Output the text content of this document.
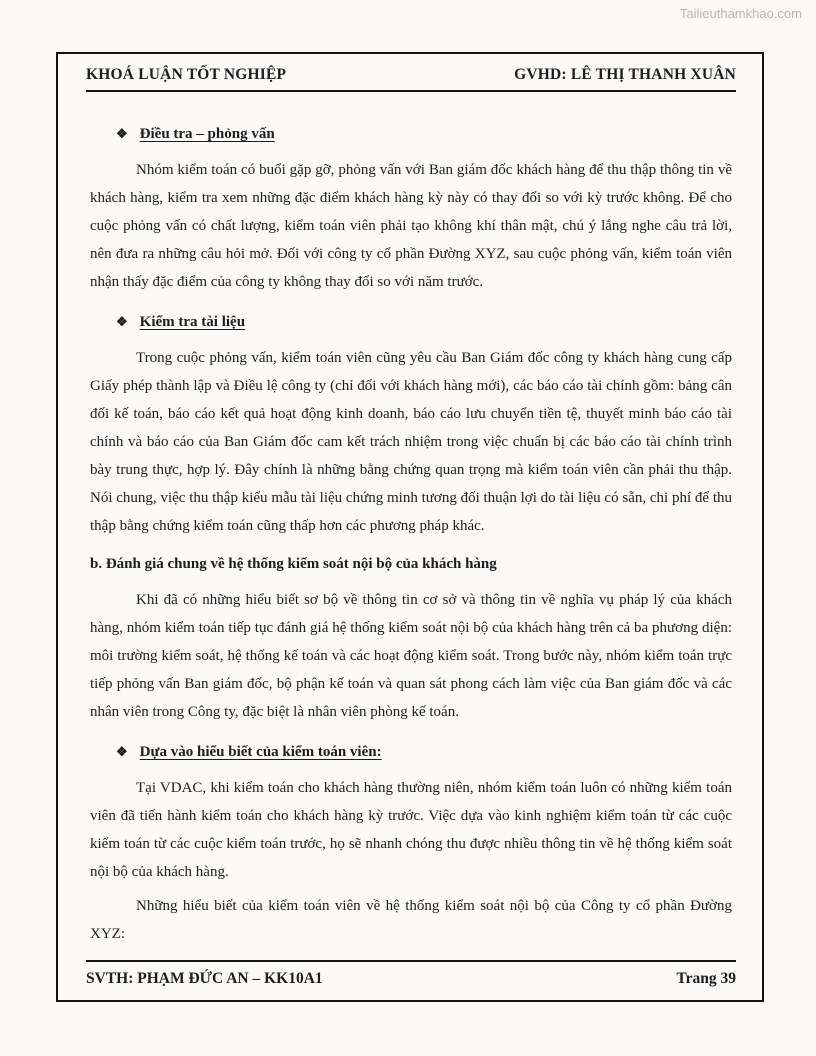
Tailieuthamkhao.com
KHOÁ LUẬN TỐT NGHIỆP	GVHD: LÊ THỊ THANH XUÂN
❖ Điều tra – phỏng vấn

Nhóm kiểm toán có buổi gặp gỡ, phỏng vấn với Ban giám đốc khách hàng để thu thập thông tin về khách hàng, kiểm tra xem những đặc điểm khách hàng kỳ này có thay đổi so với kỳ trước không. Để cho cuộc phỏng vấn có chất lượng, kiểm toán viên phải tạo không khí thân mật, chú ý lắng nghe câu trả lời, nên đưa ra những câu hỏi mở. Đối với công ty cổ phần Đường XYZ, sau cuộc phỏng vấn, kiểm toán viên nhận thấy đặc điểm của công ty không thay đổi so với năm trước.

❖ Kiểm tra tài liệu

Trong cuộc phỏng vấn, kiểm toán viên cũng yêu cầu Ban Giám đốc công ty khách hàng cung cấp Giấy phép thành lập và Điều lệ công ty (chỉ đối với khách hàng mới), các báo cáo tài chính gồm: bảng cân đối kế toán, báo cáo kết quả hoạt động kinh doanh, báo cáo lưu chuyển tiền tệ, thuyết minh báo cáo tài chính và báo cáo của Ban Giám đốc cam kết trách nhiệm trong việc chuẩn bị các báo cáo tài chính trình bày trung thực, hợp lý. Đây chính là những bằng chứng quan trọng mà kiểm toán viên cần phải thu thập. Nói chung, việc thu thập kiểu mẫu tài liệu chứng minh tương đối thuận lợi do tài liệu có sẵn, chi phí để thu thập bằng chứng kiểm toán cũng thấp hơn các phương pháp khác.

b. Đánh giá chung về hệ thống kiểm soát nội bộ của khách hàng

Khi đã có những hiểu biết sơ bộ về thông tin cơ sở và thông tin về nghĩa vụ pháp lý của khách hàng, nhóm kiểm toán tiếp tục đánh giá hệ thống kiểm soát nội bộ của khách hàng trên cả ba phương diện: môi trường kiểm soát, hệ thống kế toán và các hoạt động kiểm soát. Trong bước này, nhóm kiểm toán trực tiếp phỏng vấn Ban giám đốc, bộ phận kế toán và quan sát phong cách làm việc của Ban giám đốc và các nhân viên trong Công ty, đặc biệt là nhân viên phòng kế toán.

❖ Dựa vào hiểu biết của kiểm toán viên:

Tại VDAC, khi kiểm toán cho khách hàng thường niên, nhóm kiểm toán luôn có những kiểm toán viên đã tiến hành kiểm toán cho khách hàng kỳ trước. Việc dựa vào kinh nghiệm kiểm toán từ các cuộc kiểm toán từ các cuộc kiểm toán trước, họ sẽ nhanh chóng thu được nhiều thông tin về hệ thống kiểm soát nội bộ của khách hàng.

Những hiểu biết của kiểm toán viên về hệ thống kiểm soát nội bộ của Công ty cổ phần Đường XYZ:

SVTH: PHẠM ĐỨC AN – KK10A1	Trang 39
